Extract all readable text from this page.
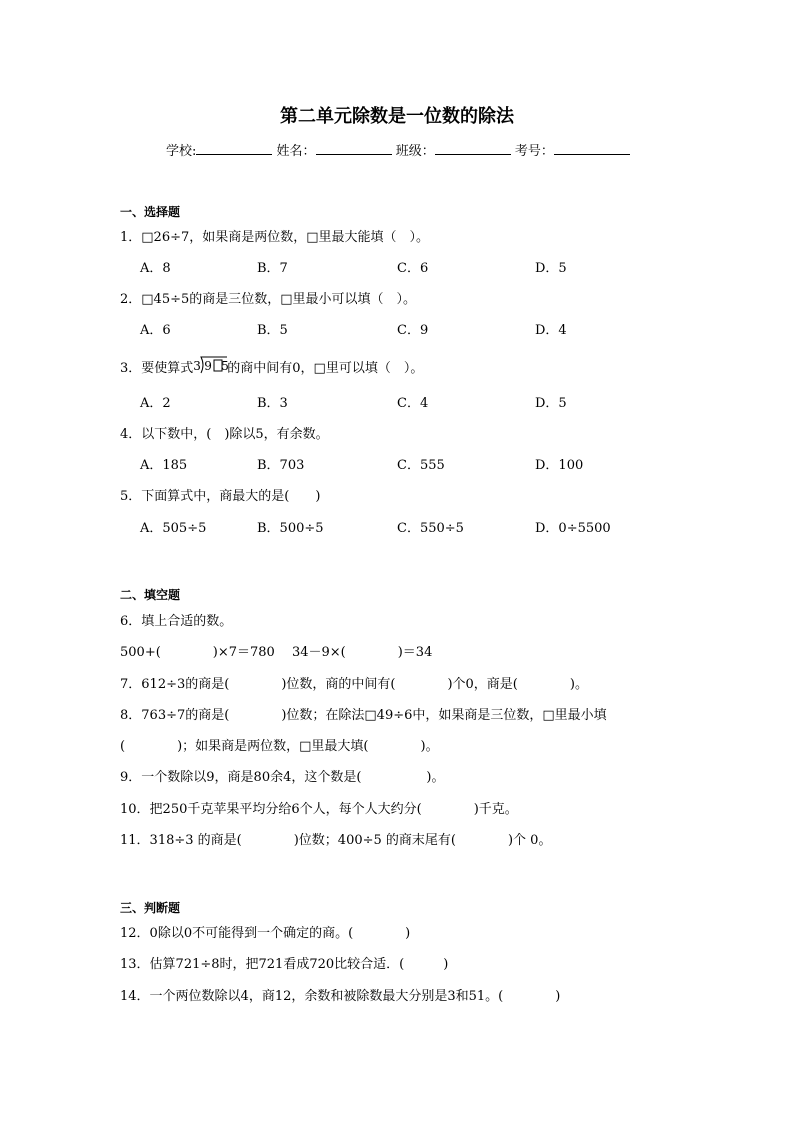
第二单元除数是一位数的除法
学校:	姓名：	班级：	考号：
一、选择题
1．□26÷7，如果商是两位数，□里最大能填（　）。
A．8	B．7	C．6	D．5
2．□45÷5的商是三位数，□里最小可以填（　）。
A．6	B．5	C．9	D．4
3．要使算式 3 9 5
的商中间有0，□里可以填（　）。
A．2	B．3	C．4	D．5
4．以下数中，(　)除以5，有余数。
A．185	B．703	C．555	D．100
5．下面算式中，商最大的是(　　)
A．505÷5	B．500÷5	C．550÷5	D．0÷5500
二、填空题
6．填上合适的数。
500+(　　　　)×7＝780　 34－9×(　　　　)＝34
7．612÷3的商是(　　　　)位数，商的中间有(　　　　)个0，商是(　　　　)。
8．763÷7的商是(　　　　)位数；在除法□49÷6中，如果商是三位数，□里最小填
(　　　　)；如果商是两位数，□里最大填(　　　　)。
9．一个数除以9，商是80余4，这个数是(　　　　　)。
10．把250千克苹果平均分给6个人，每个人大约分(　　　　)千克。
11．318÷3 的商是(　　　　)位数；400÷5 的商末尾有(　　　　)个 0。
三、判断题
12．0除以0不可能得到一个确定的商。(　　　　)
13．估算721÷8时，把721看成720比较合适．(　　　)
14．一个两位数除以4，商12，余数和被除数最大分别是3和51。(　　　　)
